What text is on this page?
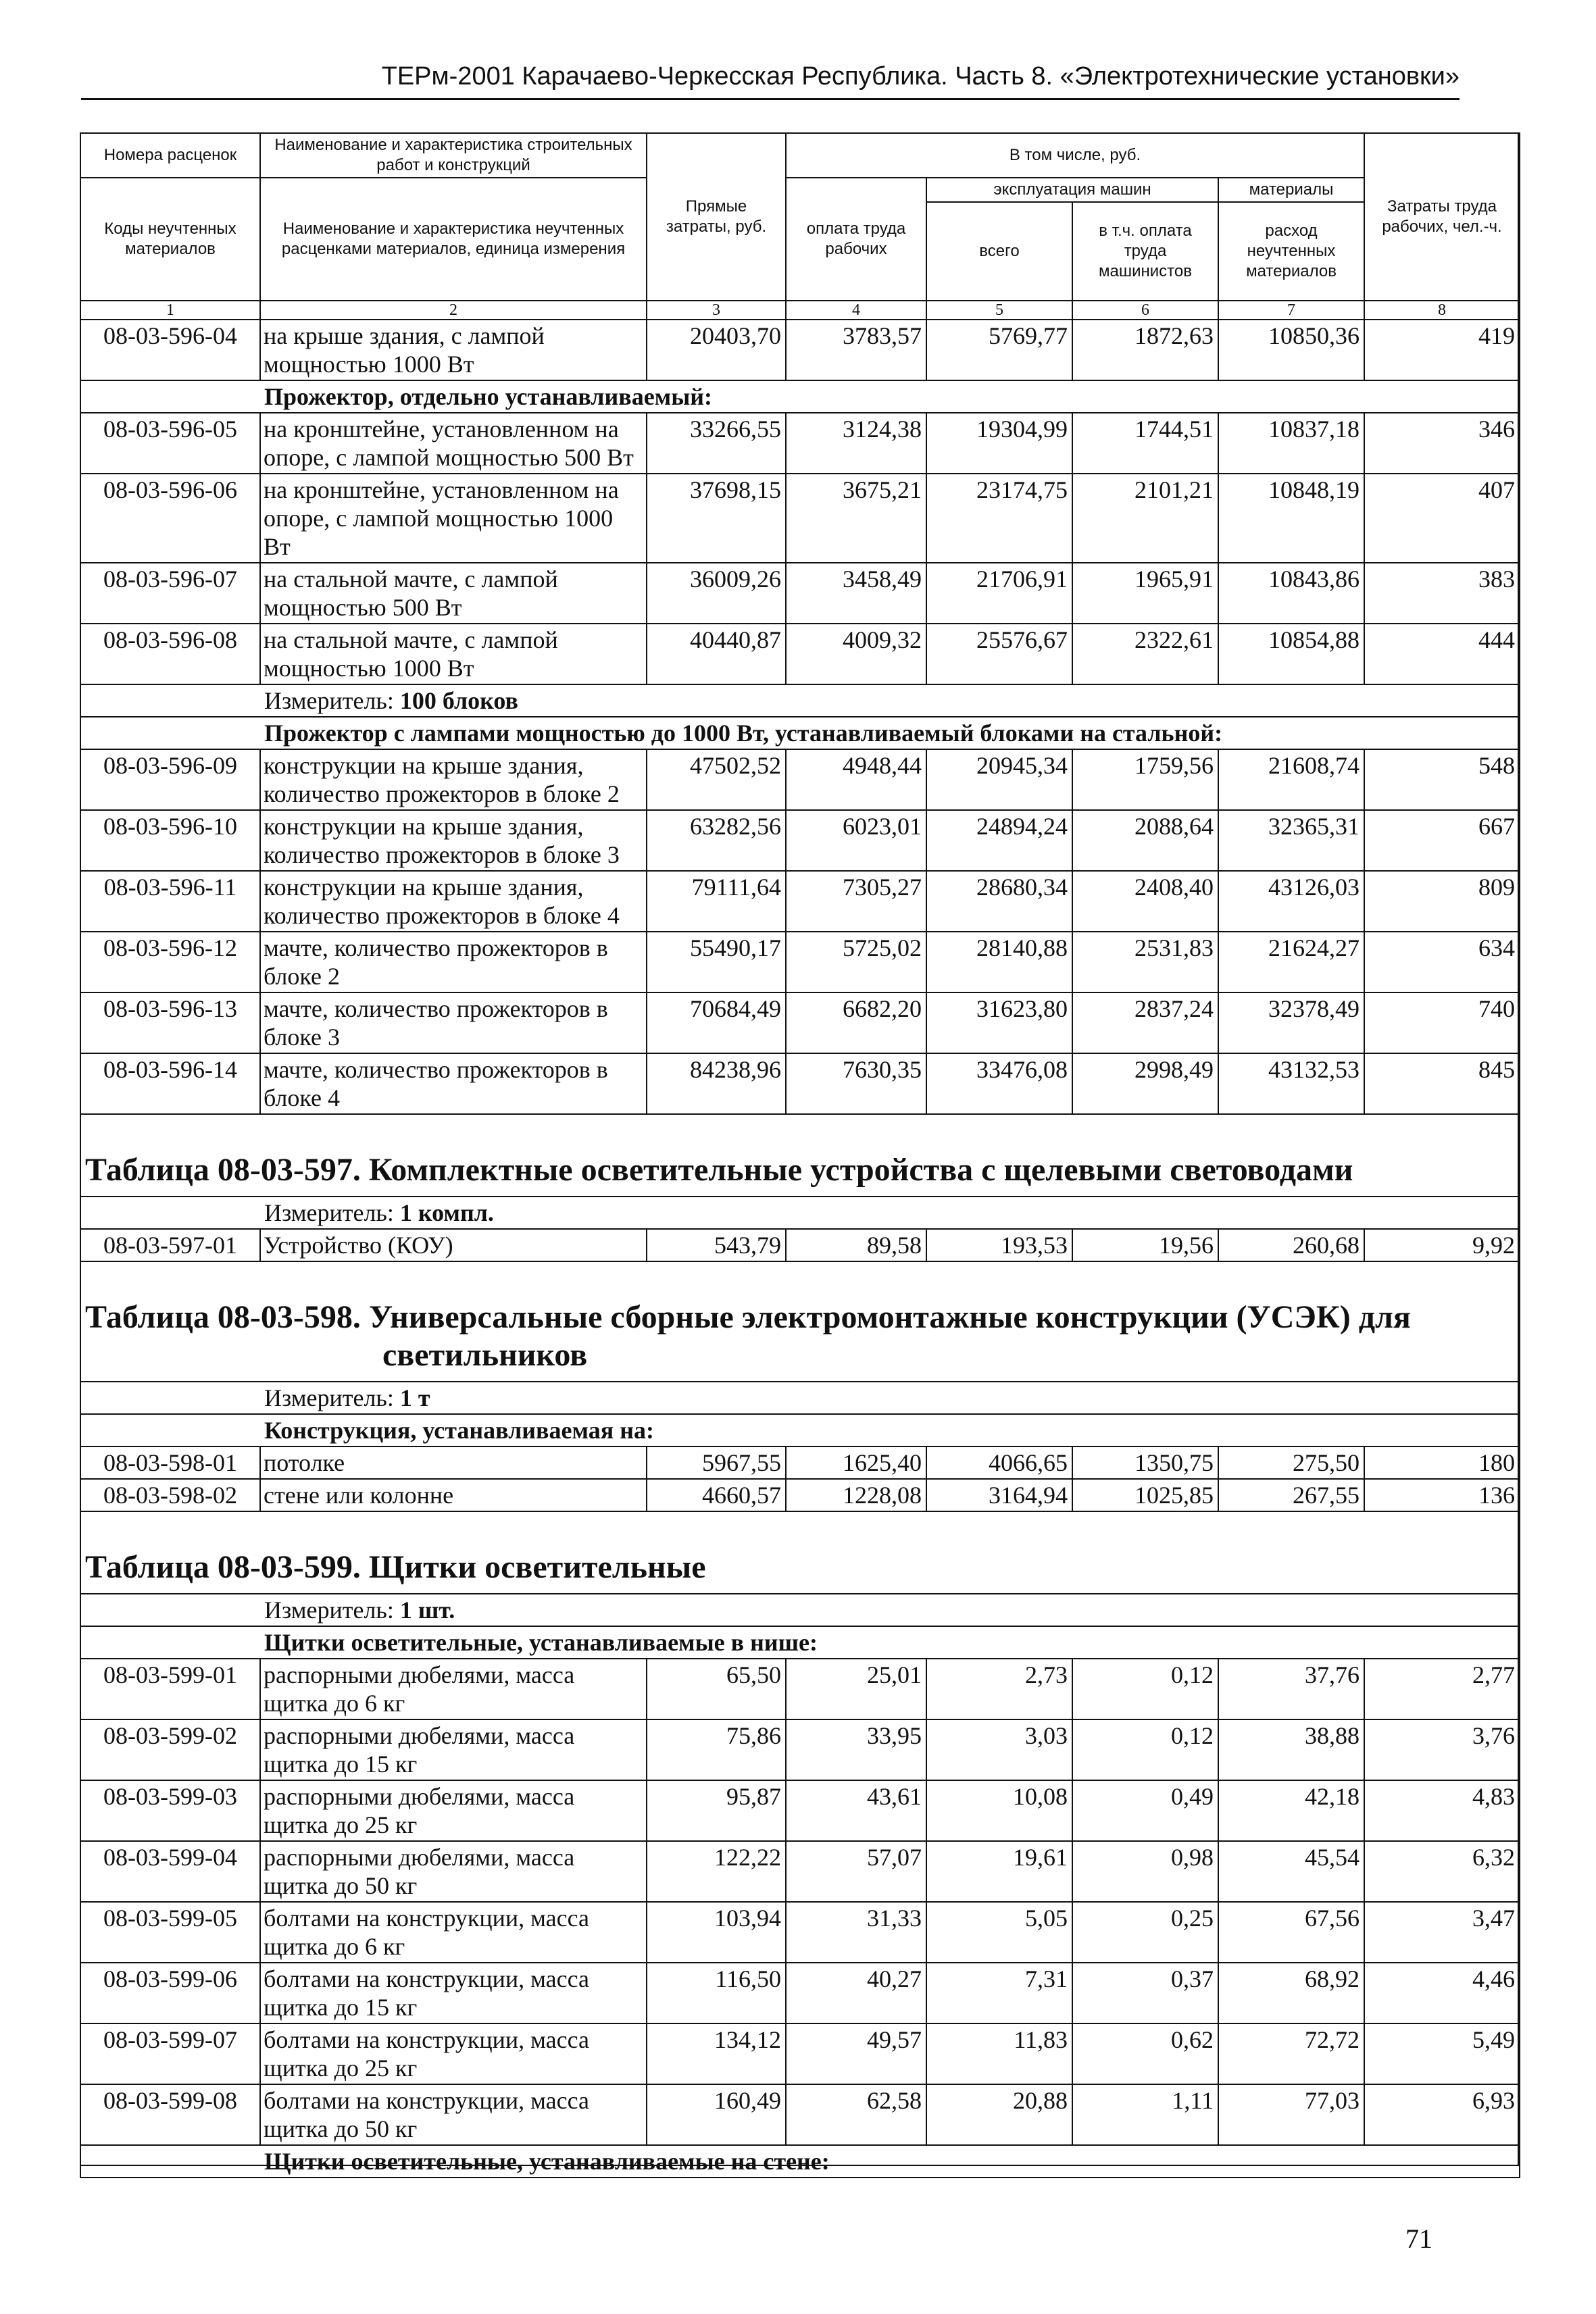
ТЕРм-2001 Карачаево-Черкесская Республика. Часть 8. «Электротехнические установки»
Номера расценок	Наименование и характеристика строительных работ и конструкций	Прямые затраты, руб.	В том числе, руб.				Затраты труда рабочих, чел.-ч.
Коды неучтенных материалов	Наименование и характеристика неучтенных расценками материалов, единица измерения		оплата труда рабочих	эксплуатация машин		материалы	
				всего	в т.ч. оплата труда машинистов	расход неучтенных материалов	
1	2	3	4	5	6	7	8
08-03-596-04	на крыше здания, с лампой мощностью 1000 Вт	20403,70	3783,57	5769,77	1872,63	10850,36	419
	Прожектор, отдельно устанавливаемый:						
08-03-596-05	на кронштейне, установленном на опоре, с лампой мощностью 500 Вт	33266,55	3124,38	19304,99	1744,51	10837,18	346
08-03-596-06	на кронштейне, установленном на опоре, с лампой мощностью 1000 Вт	37698,15	3675,21	23174,75	2101,21	10848,19	407
08-03-596-07	на стальной мачте, с лампой мощностью 500 Вт	36009,26	3458,49	21706,91	1965,91	10843,86	383
08-03-596-08	на стальной мачте, с лампой мощностью 1000 Вт	40440,87	4009,32	25576,67	2322,61	10854,88	444
	Измеритель: 100 блоков						
	Прожектор с лампами мощностью до 1000 Вт, устанавливаемый блоками на стальной:						
08-03-596-09	конструкции на крыше здания, количество прожекторов в блоке 2	47502,52	4948,44	20945,34	1759,56	21608,74	548
08-03-596-10	конструкции на крыше здания, количество прожекторов в блоке 3	63282,56	6023,01	24894,24	2088,64	32365,31	667
08-03-596-11	конструкции на крыше здания, количество прожекторов в блоке 4	79111,64	7305,27	28680,34	2408,40	43126,03	809
08-03-596-12	мачте, количество прожекторов в блоке 2	55490,17	5725,02	28140,88	2531,83	21624,27	634
08-03-596-13	мачте, количество прожекторов в блоке 3	70684,49	6682,20	31623,80	2837,24	32378,49	740
08-03-596-14	мачте, количество прожекторов в блоке 4	84238,96	7630,35	33476,08	2998,49	43132,53	845

Таблица 08-03-597. Комплектные осветительные устройства с щелевыми световодами							
	Измеритель: 1 компл.						
08-03-597-01	Устройство (КОУ)	543,79	89,58	193,53	19,56	260,68	9,92

Таблица 08-03-598. Универсальные сборные электромонтажные конструкции (УСЭК) для
светильников							

	Измеритель: 1 т						
	Конструкция, устанавливаемая на:						
08-03-598-01	потолке	5967,55	1625,40	4066,65	1350,75	275,50	180
08-03-598-02	стене или колонне	4660,57	1228,08	3164,94	1025,85	267,55	136

Таблица 08-03-599. Щитки осветительные							
	Измеритель: 1 шт.						
	Щитки осветительные, устанавливаемые в нише:						
08-03-599-01	распорными дюбелями, масса щитка до 6 кг	65,50	25,01	2,73	0,12	37,76	2,77
08-03-599-02	распорными дюбелями, масса щитка до 15 кг	75,86	33,95	3,03	0,12	38,88	3,76
08-03-599-03	распорными дюбелями, масса щитка до 25 кг	95,87	43,61	10,08	0,49	42,18	4,83
08-03-599-04	распорными дюбелями, масса щитка до 50 кг	122,22	57,07	19,61	0,98	45,54	6,32
08-03-599-05	болтами на конструкции, масса щитка до 6 кг	103,94	31,33	5,05	0,25	67,56	3,47
08-03-599-06	болтами на конструкции, масса щитка до 15 кг	116,50	40,27	7,31	0,37	68,92	4,46
08-03-599-07	болтами на конструкции, масса щитка до 25 кг	134,12	49,57	11,83	0,62	72,72	5,49
08-03-599-08	болтами на конструкции, масса щитка до 50 кг	160,49	62,58	20,88	1,11	77,03	6,93
	Щитки осветительные, устанавливаемые на стене:						
71
